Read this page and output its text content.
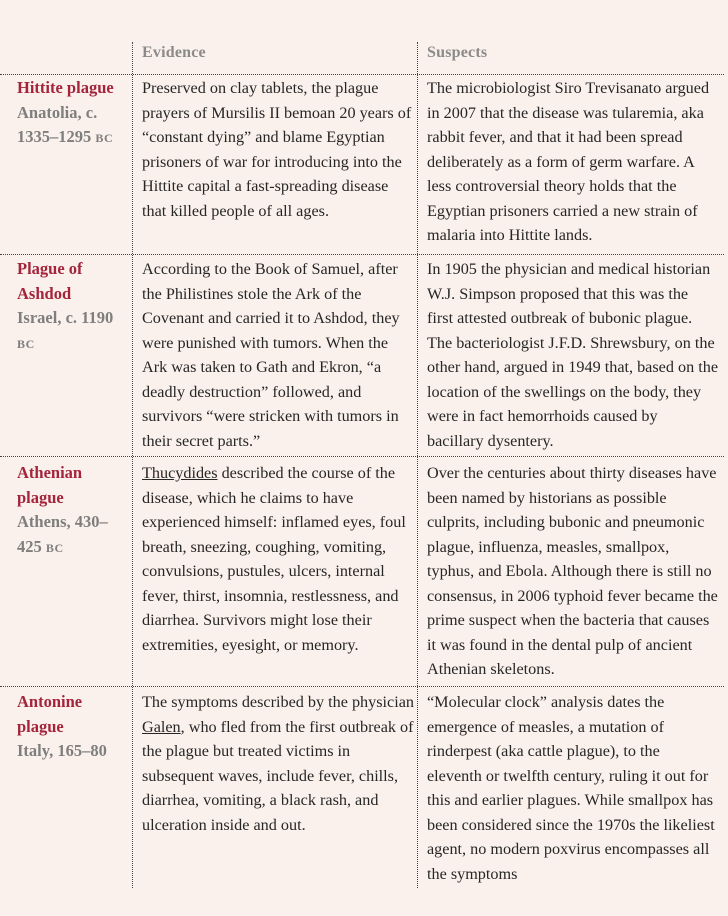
Evidence	Suspects
Hittite plague
Anatolia, c. 1335–1295 BC
Preserved on clay tablets, the plague prayers of Mursilis II bemoan 20 years of “constant dying” and blame Egyptian prisoners of war for introducing into the Hittite capital a fast-spreading disease that killed people of all ages.
The microbiologist Siro Trevisanato argued in 2007 that the disease was tularemia, aka rabbit fever, and that it had been spread deliberately as a form of germ warfare. A less controversial theory holds that the Egyptian prisoners carried a new strain of malaria into Hittite lands.
Plague of Ashdod
Israel, c. 1190 BC
According to the Book of Samuel, after the Philistines stole the Ark of the Covenant and carried it to Ashdod, they were punished with tumors. When the Ark was taken to Gath and Ekron, “a deadly destruction” followed, and survivors “were stricken with tumors in their secret parts.”
In 1905 the physician and medical historian W.J. Simpson proposed that this was the first attested outbreak of bubonic plague. The bacteriologist J.F.D. Shrewsbury, on the other hand, argued in 1949 that, based on the location of the swellings on the body, they were in fact hemorrhoids caused by bacillary dysentery.
Athenian plague
Athens, 430–425 BC
Thucydides described the course of the disease, which he claims to have experienced himself: inflamed eyes, foul breath, sneezing, coughing, vomiting, convulsions, pustules, ulcers, internal fever, thirst, insomnia, restlessness, and diarrhea. Survivors might lose their extremities, eyesight, or memory.
Over the centuries about thirty diseases have been named by historians as possible culprits, including bubonic and pneumonic plague, influenza, measles, smallpox, typhus, and Ebola. Although there is still no consensus, in 2006 typhoid fever became the prime suspect when the bacteria that causes it was found in the dental pulp of ancient Athenian skeletons.
Antonine plague
Italy, 165–80
The symptoms described by the physician Galen, who fled from the first outbreak of the plague but treated victims in subsequent waves, include fever, chills, diarrhea, vomiting, a black rash, and ulceration inside and out.
“Molecular clock” analysis dates the emergence of measles, a mutation of rinderpest (aka cattle plague), to the eleventh or twelfth century, ruling it out for this and earlier plagues. While smallpox has been considered since the 1970s the likeliest agent, no modern poxvirus encompasses all the symptoms
